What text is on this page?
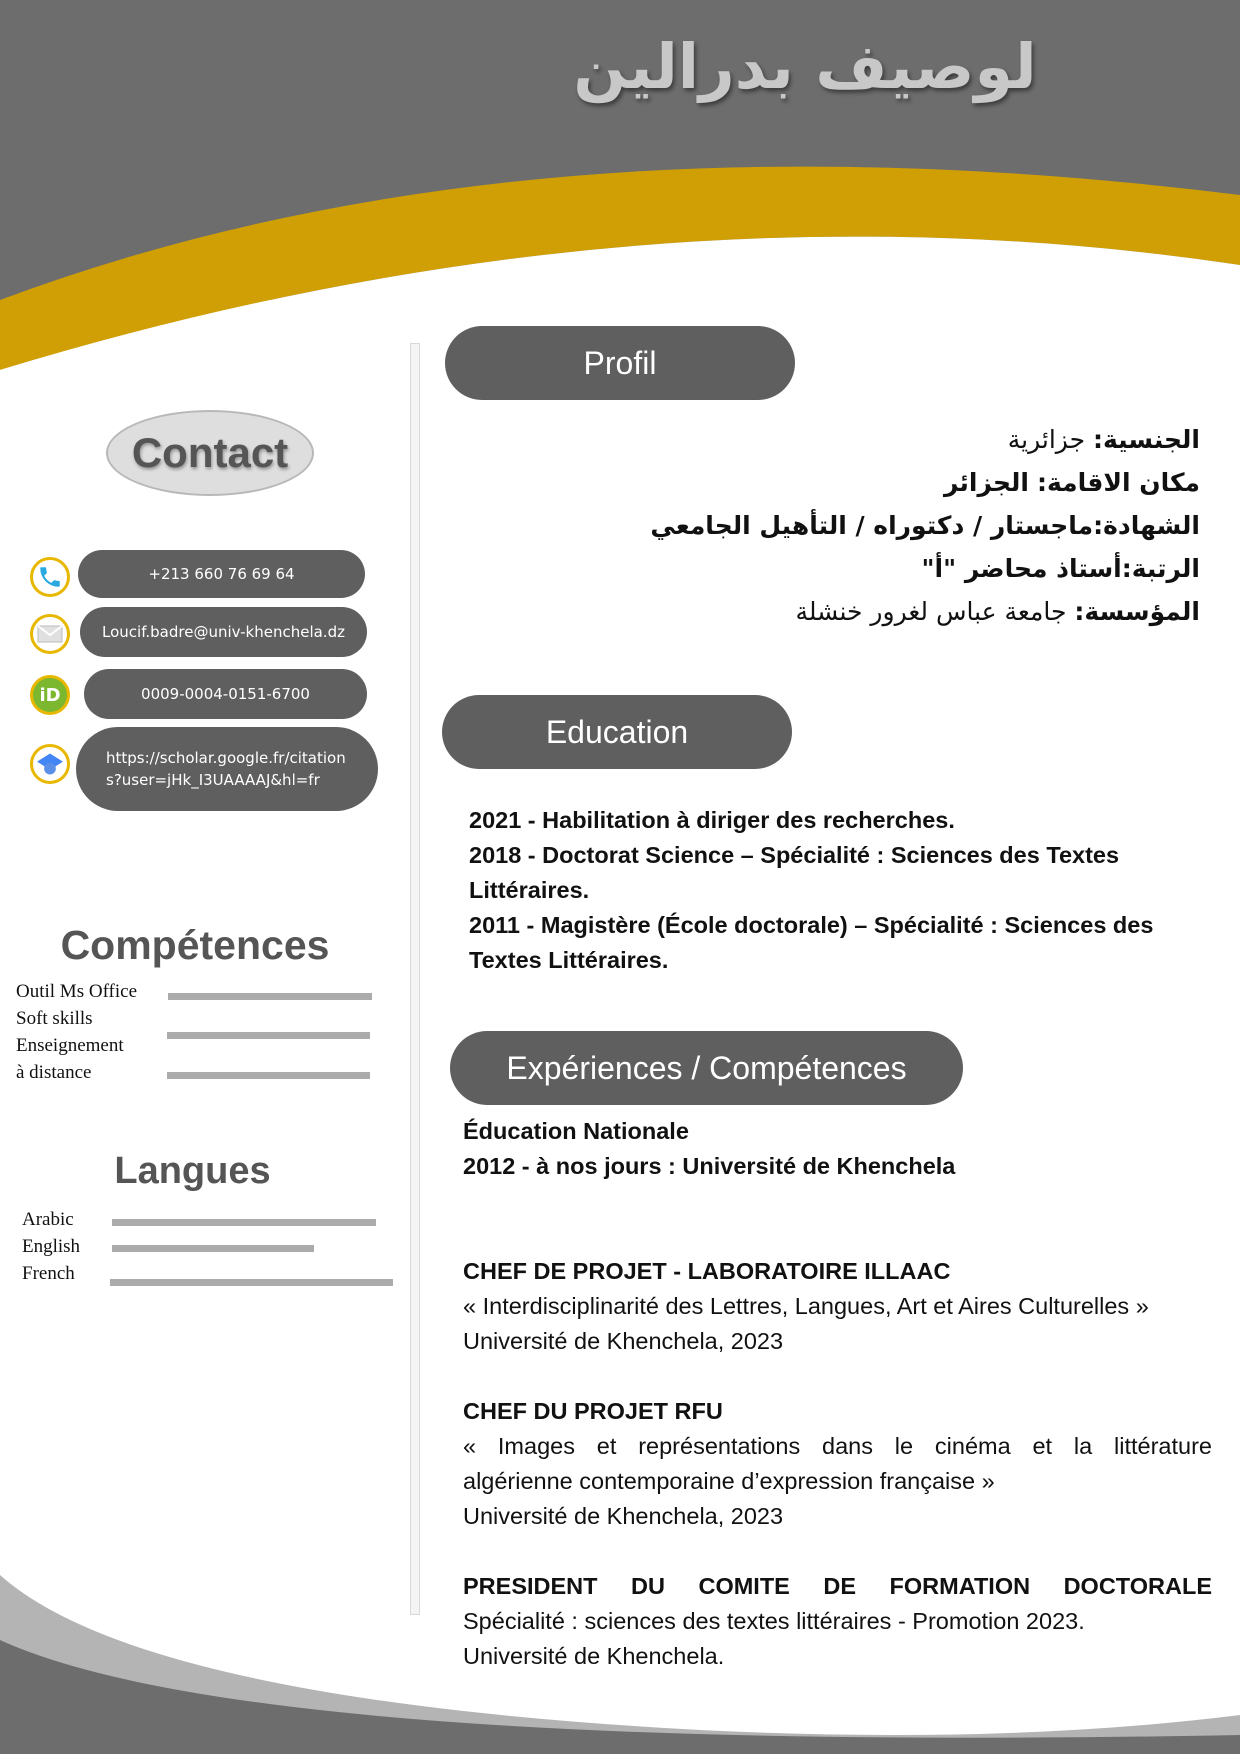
لوصيف بدرالين
Contact
+213 660 76 69 64
Loucif.badre@univ-khenchela.dz
iD	0009-0004-0151-6700
https://scholar.google.fr/citations?user=jHk_I3UAAAAJ&hl=fr
Compétences
Outil Ms Office
Soft skills
Enseignement
à distance
Langues
Arabic
English
French
Profil
الجنسية: جزائرية
مكان الاقامة: الجزائر
الشهادة:ماجستار / دكتوراه / التأهيل الجامعي
الرتبة:أستاذ محاضر "أ"
المؤسسة: جامعة عباس لغرور خنشلة
Education
2021 - Habilitation à diriger des recherches.
2018 - Doctorat Science – Spécialité : Sciences des Textes Littéraires.
2011 - Magistère (École doctorale) – Spécialité : Sciences des Textes Littéraires.
Expériences / Compétences

Éducation Nationale

2012 - à nos jours : Université de Khenchela

CHEF DE PROJET - LABORATOIRE ILLAAC

« Interdisciplinarité des Lettres, Langues, Art et Aires Culturelles »

Université de Khenchela, 2023

CHEF DU PROJET RFU

« Images et représentations dans le cinéma et la littérature

algérienne contemporaine d’expression française »

Université de Khenchela, 2023

PRESIDENT DU COMITE DE FORMATION DOCTORALE

Spécialité : sciences des textes littéraires - Promotion 2023.

Université de Khenchela.
